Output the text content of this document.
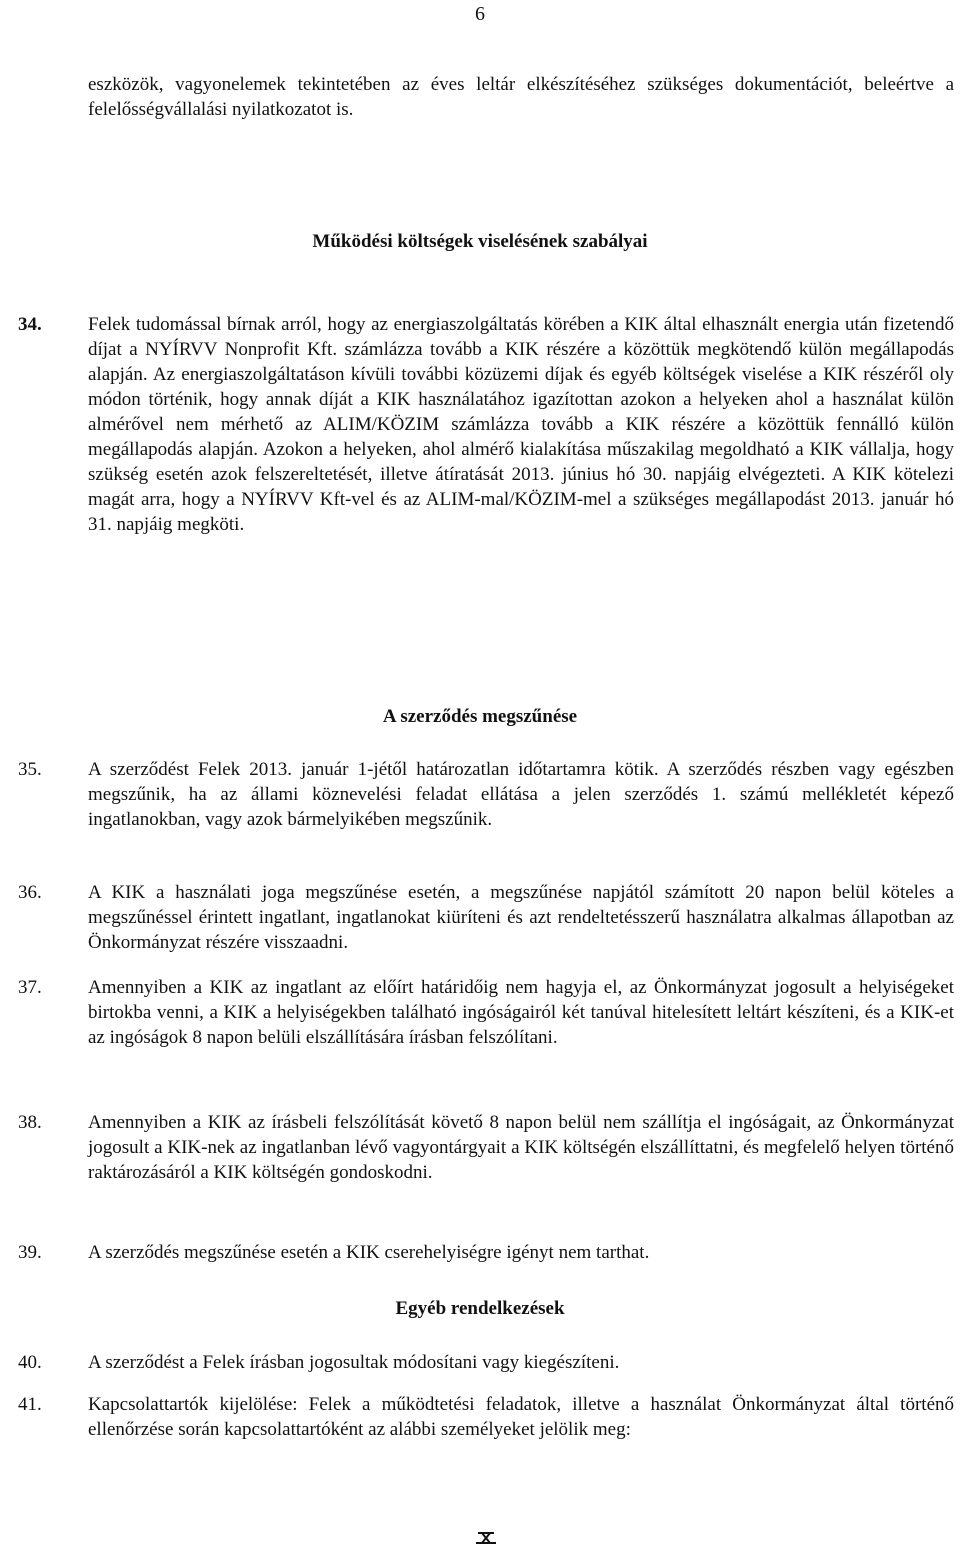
6
eszközök, vagyonelemek tekintetében az éves leltár elkészítéséhez szükséges dokumentációt, beleértve a felelősségvállalási nyilatkozatot is.
Működési költségek viselésének szabályai
34.	Felek tudomással bírnak arról, hogy az energiaszolgáltatás körében a KIK által elhasznált energia után fizetendő díjat a NYÍRVV Nonprofit Kft. számlázza tovább a KIK részére a közöttük megkötendő külön megállapodás alapján. Az energiaszolgáltatáson kívüli további közüzemi díjak és egyéb költségek viselése a KIK részéről oly módon történik, hogy annak díját a KIK használatához igazítottan azokon a helyeken ahol a használat külön almérővel nem mérhető az ALIM/KÖZIM számlázza tovább a KIK részére a közöttük fennálló külön megállapodás alapján. Azokon a helyeken, ahol almérő kialakítása műszakilag megoldható a KIK vállalja, hogy szükség esetén azok felszereltetését, illetve átíratását 2013. június hó 30. napjáig elvégezteti. A KIK kötelezi magát arra, hogy a NYÍRVV Kft-vel és az ALIM-mal/KÖZIM-mel a szükséges megállapodást 2013. január hó 31. napjáig megköti.
A szerződés megszűnése
35.	A szerződést Felek 2013. január 1-jétől határozatlan időtartamra kötik. A szerződés részben vagy egészben megszűnik, ha az állami köznevelési feladat ellátása a jelen szerződés 1. számú mellékletét képező ingatlanokban, vagy azok bármelyikében megszűnik.
36.	A KIK a használati joga megszűnése esetén, a megszűnése napjától számított 20 napon belül köteles a megszűnéssel érintett ingatlant, ingatlanokat kiüríteni és azt rendeltetésszerű használatra alkalmas állapotban az Önkormányzat részére visszaadni.
37.	Amennyiben a KIK az ingatlant az előírt határidőig nem hagyja el, az Önkormányzat jogosult a helyiségeket birtokba venni, a KIK a helyiségekben található ingóságairól két tanúval hitelesített leltárt készíteni, és a KIK-et az ingóságok 8 napon belüli elszállítására írásban felszólítani.
38.	Amennyiben a KIK az írásbeli felszólítását követő 8 napon belül nem szállítja el ingóságait, az Önkormányzat jogosult a KIK-nek az ingatlanban lévő vagyontárgyait a KIK költségén elszállíttatni, és megfelelő helyen történő raktározásáról a KIK költségén gondoskodni.
39.	A szerződés megszűnése esetén a KIK cserehelyiségre igényt nem tarthat.
Egyéb rendelkezések
40.	A szerződést a Felek írásban jogosultak módosítani vagy kiegészíteni.
41.	Kapcsolattartók kijelölése: Felek a működtetési feladatok, illetve a használat Önkormányzat által történő ellenőrzése során kapcsolattartóként az alábbi személyeket jelölik meg:
